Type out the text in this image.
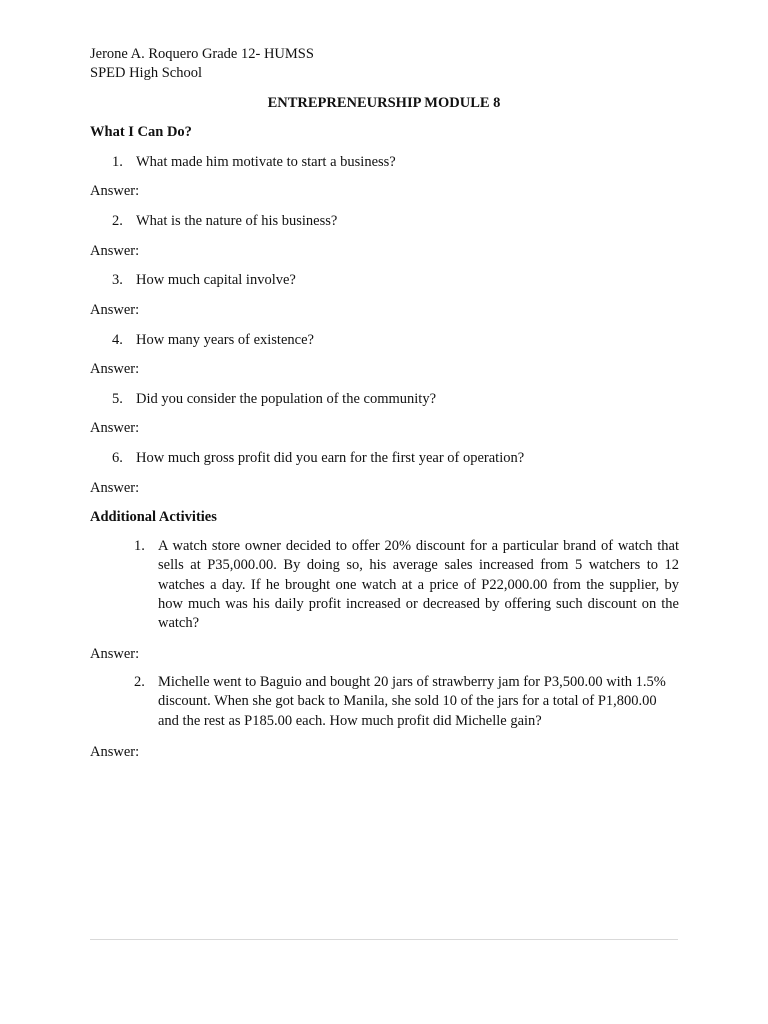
Jerone A. Roquero Grade 12- HUMSS
SPED High School
ENTREPRENEURSHIP MODULE 8
What I Can Do?
1. What made him motivate to start a business?
Answer:
2. What is the nature of his business?
Answer:
3. How much capital involve?
Answer:
4. How many years of existence?
Answer:
5. Did you consider the population of the community?
Answer:
6. How much gross profit did you earn for the first year of operation?
Answer:
Additional Activities
1. A watch store owner decided to offer 20% discount for a particular brand of watch that sells at P35,000.00. By doing so, his average sales increased from 5 watchers to 12 watches a day. If he brought one watch at a price of P22,000.00 from the supplier, by how much was his daily profit increased or decreased by offering such discount on the watch?
Answer:
2. Michelle went to Baguio and bought 20 jars of strawberry jam for P3,500.00 with 1.5% discount. When she got back to Manila, she sold 10 of the jars for a total of P1,800.00 and the rest as P185.00 each. How much profit did Michelle gain?
Answer:
